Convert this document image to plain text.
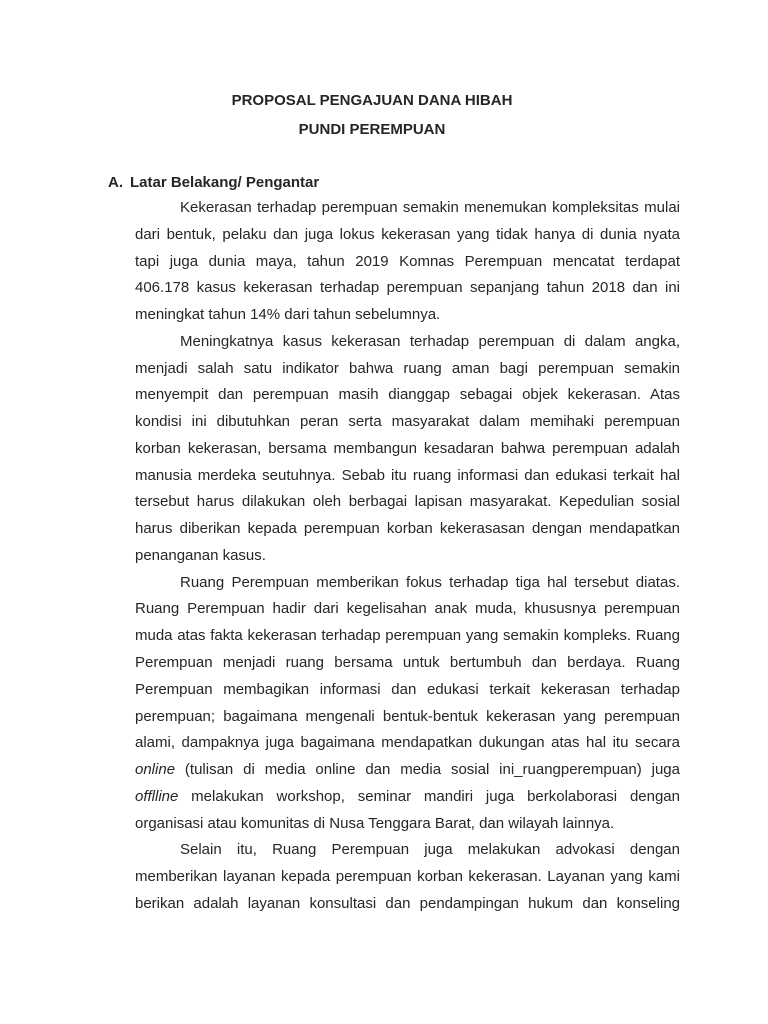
PROPOSAL PENGAJUAN DANA HIBAH
PUNDI PEREMPUAN
A. Latar Belakang/ Pengantar
Kekerasan terhadap perempuan semakin menemukan kompleksitas mulai
dari bentuk, pelaku dan juga lokus kekerasan yang tidak hanya di dunia nyata
tapi juga dunia maya, tahun 2019 Komnas Perempuan mencatat terdapat
406.178 kasus kekerasan terhadap perempuan sepanjang tahun 2018 dan ini
meningkat tahun 14% dari tahun sebelumnya.
Meningkatnya kasus kekerasan terhadap perempuan di dalam angka,
menjadi salah satu indikator bahwa ruang aman bagi perempuan semakin
menyempit dan perempuan masih dianggap sebagai objek kekerasan. Atas
kondisi ini dibutuhkan peran serta masyarakat dalam memihaki perempuan
korban kekerasan, bersama membangun kesadaran bahwa perempuan adalah
manusia merdeka seutuhnya. Sebab itu ruang informasi dan edukasi terkait hal
tersebut harus dilakukan oleh berbagai lapisan masyarakat. Kepedulian sosial
harus diberikan kepada perempuan korban kekerasasan dengan mendapatkan
penanganan kasus.
Ruang Perempuan memberikan fokus terhadap tiga hal tersebut diatas.
Ruang Perempuan hadir dari kegelisahan anak muda, khususnya perempuan
muda atas fakta kekerasan terhadap perempuan yang semakin kompleks. Ruang
Perempuan menjadi ruang bersama untuk bertumbuh dan berdaya. Ruang
Perempuan membagikan informasi dan edukasi terkait kekerasan terhadap
perempuan; bagaimana mengenali bentuk-bentuk kekerasan yang perempuan
alami, dampaknya juga bagaimana mendapatkan dukungan atas hal itu secara
online (tulisan di media online dan media sosial ini_ruangperempuan) juga
offlline melakukan workshop, seminar mandiri juga berkolaborasi dengan
organisasi atau komunitas di Nusa Tenggara Barat, dan wilayah lainnya.
Selain itu, Ruang Perempuan juga melakukan advokasi dengan
memberikan layanan kepada perempuan korban kekerasan. Layanan yang kami
berikan adalah layanan konsultasi dan pendampingan hukum dan konseling
